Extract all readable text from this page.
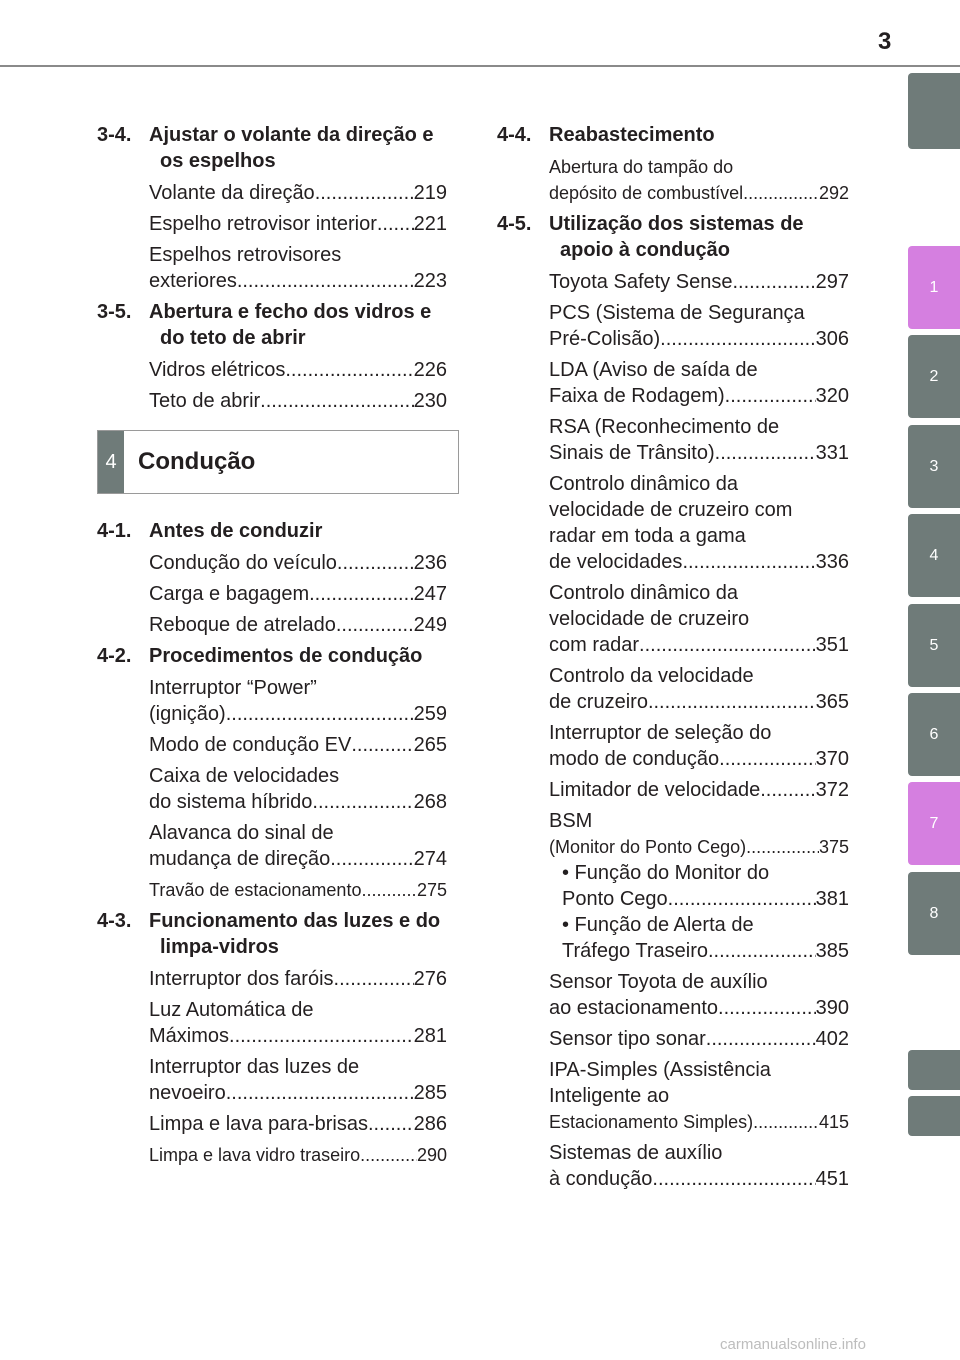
3
1
2
3
4
5
6
7
8
3-4. Ajustar o volante da direção e os espelhos
Volante da direção .....	219
Espelho retrovisor interior ..... 221
Espelhos retrovisores
exteriores .....	223
3-5. Abertura e fecho dos vidros e do teto de abrir
Vidros elétricos .....	226
Teto de abrir .....	230
4 Condução
4-1. Antes de conduzir
Condução do veículo .....	236
Carga e bagagem .....	247
Reboque de atrelado .....	249
4-2. Procedimentos de condução
Interruptor “Power”
(ignição) .....	259
Modo de condução EV .....	265
Caixa de velocidades
do sistema híbrido .....	268
Alavanca do sinal de
mudança de direção .....	274
Travão de estacionamento .....	275
4-3. Funcionamento das luzes e do limpa-vidros
Interruptor dos faróis .....	276
Luz Automática de
Máximos .....	281
Interruptor das luzes de
nevoeiro .....	285
Limpa e lava para-brisas ..... 286
Limpa e lava vidro traseiro .....	290
4-4. Reabastecimento
Abertura do tampão do
depósito de combustível .....	292
4-5. Utilização dos sistemas de apoio à condução
Toyota Safety Sense .....	297
PCS (Sistema de Segurança
Pré-Colisão) .....	306
LDA (Aviso de saída de
Faixa de Rodagem) .....	320
RSA (Reconhecimento de
Sinais de Trânsito) .....	331
Controlo dinâmico da
velocidade de cruzeiro com
radar em toda a gama
de velocidades .....	336
Controlo dinâmico da
velocidade de cruzeiro
com radar .....	351
Controlo da velocidade
de cruzeiro .....	365
Interruptor de seleção do
modo de condução .....	370
Limitador de velocidade .....	372
BSM
(Monitor do Ponto Cego) .....	375
• Função do Monitor do
Ponto Cego .....	381
• Função de Alerta de
Tráfego Traseiro .....	385
Sensor Toyota de auxílio
ao estacionamento .....	390
Sensor tipo sonar .....	402
IPA-Simples (Assistência
Inteligente ao
Estacionamento Simples) .....	415
Sistemas de auxílio
à condução .....	451
carmanualsonline.info
